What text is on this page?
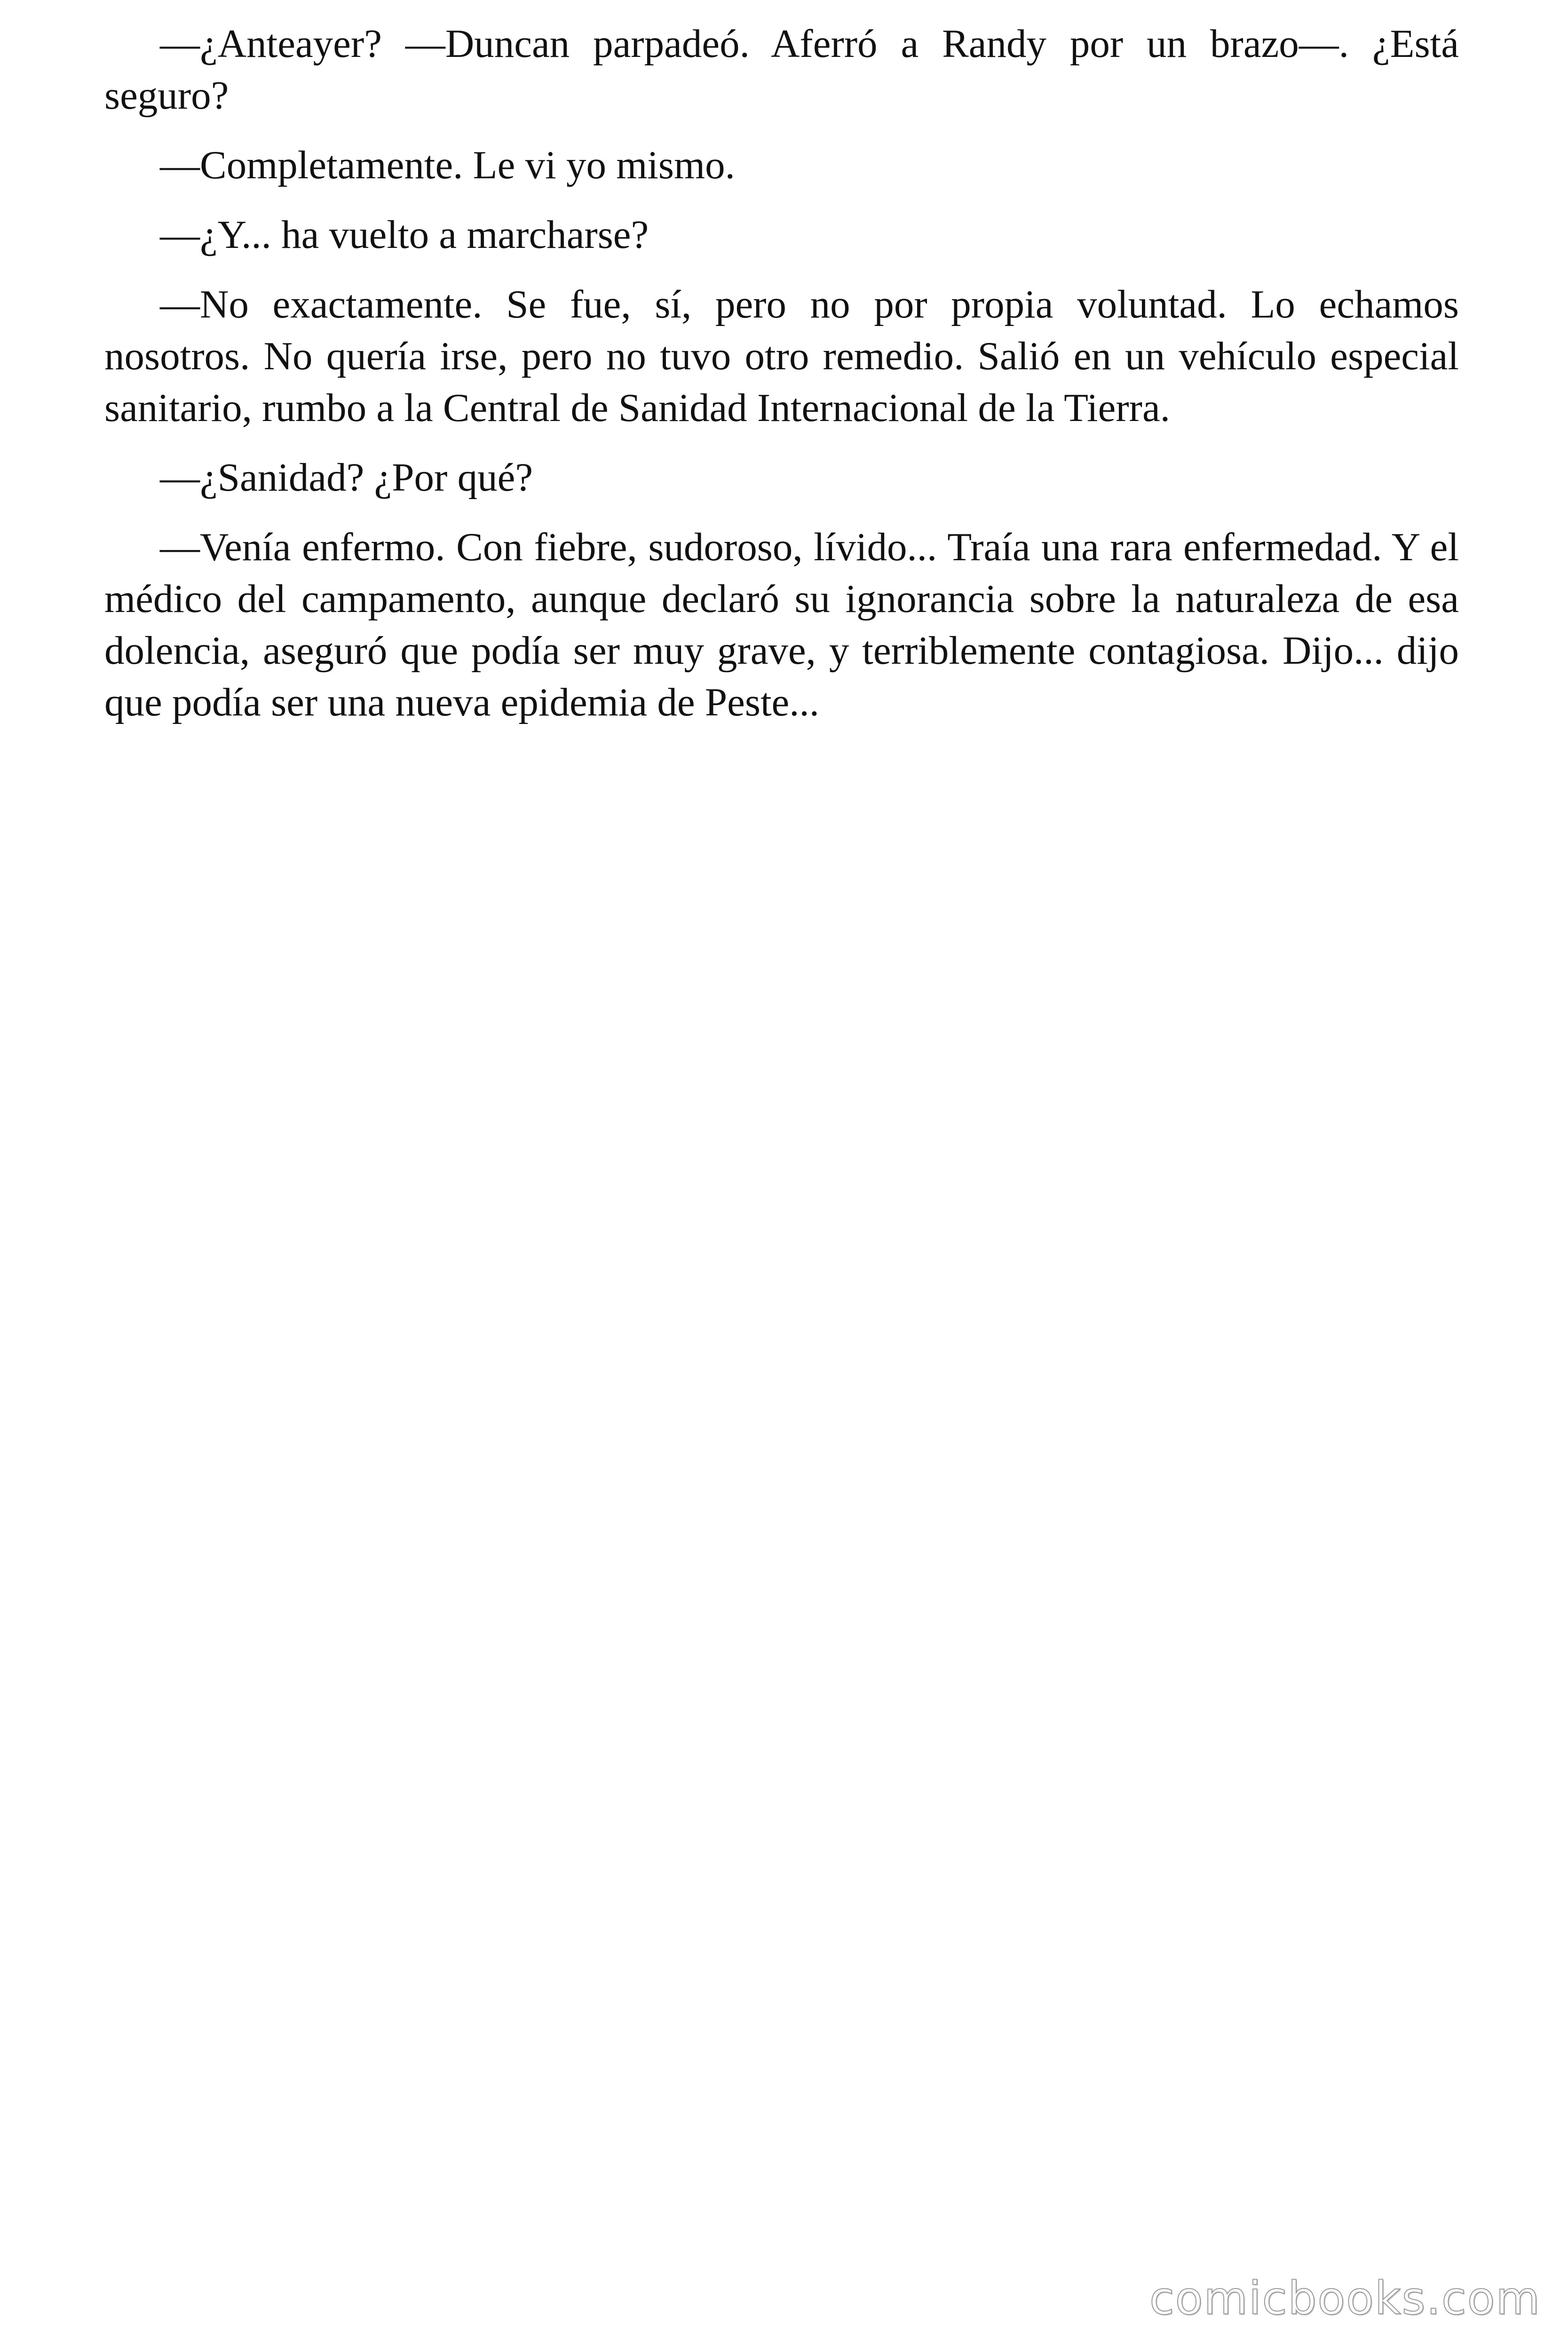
—¿Anteayer? —Duncan parpadeó. Aferró a Randy por un brazo—. ¿Está seguro?

—Completamente. Le vi yo mismo.

—¿Y... ha vuelto a marcharse?

—No exactamente. Se fue, sí, pero no por propia voluntad. Lo echamos nosotros. No quería irse, pero no tuvo otro remedio. Salió en un vehículo especial sanitario, rumbo a la Central de Sanidad Internacional de la Tierra.

—¿Sanidad? ¿Por qué?

—Venía enfermo. Con fiebre, sudoroso, lívido... Traía una rara enfermedad. Y el médico del campamento, aunque declaró su ignorancia sobre la naturaleza de esa dolencia, aseguró que podía ser muy grave, y terriblemente contagiosa. Dijo... dijo que podía ser una nueva epidemia de Peste...

comicbooks.com
